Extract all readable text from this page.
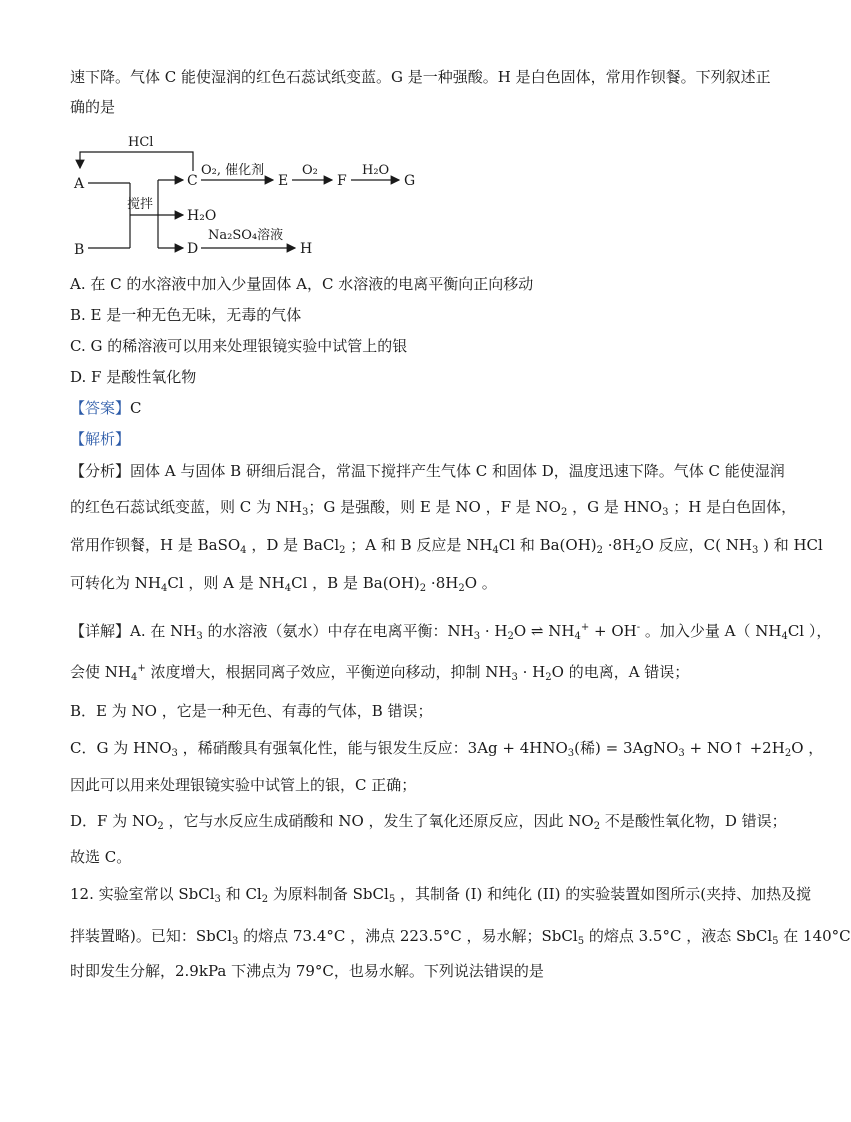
速下降。气体 C 能使湿润的红色石蕊试纸变蓝。G 是一种强酸。H 是白色固体，常用作钡餐。下列叙述正
确的是
HCl
A
B
搅拌
C
O₂, 催化剂
E
O₂
F
H₂O
G
H₂O
D
Na₂SO₄溶液
H
A. 在 C 的水溶液中加入少量固体 A，C 水溶液的电离平衡向正向移动
B. E 是一种无色无味，无毒的气体
C. G 的稀溶液可以用来处理银镜实验中试管上的银
D. F 是酸性氧化物
【答案】C
【解析】
【分析】固体 A 与固体 B 研细后混合，常温下搅拌产生气体 C 和固体 D，温度迅速下降。气体 C 能使湿润
的红色石蕊试纸变蓝，则 C 为 $NH_3$；G 是强酸，则 E 是 NO ，F 是 $NO_2$ ，G 是 $HNO_3$ ；H 是白色固体，
常用作钡餐，H 是 BaSO$_4$ ，D 是 BaCl$_2$ ；A 和 B 反应是 $NH_4Cl$ 和 $Ba(OH)_2 \cdot 8H_2O$ 反应，C( $NH_3$ ) 和 HCl
可转化为 $NH_4Cl$ ，则 A 是 $NH_4Cl$ ，B 是 $Ba(OH)_2 \cdot 8H_2O$ 。
【详解】A. 在 $NH_3$ 的水溶液（氨水）中存在电离平衡：$NH_3 \cdot H_2O$ ⇌ $NH_4^+ + OH^-$ 。加入少量 A（ $NH_4Cl$ ），
会使 $NH_4^+$ 浓度增大，根据同离子效应，平衡逆向移动，抑制 $NH_3 \cdot H_2O$ 的电离，A 错误；
B．E 为 NO ，它是一种无色、有毒的气体，B 错误；
C．G 为 $HNO_3$ ，稀硝酸具有强氧化性，能与银发生反应：$3Ag + 4HNO_3$(稀) = 3AgNO$_3$ + NO↑ $+2H_2O$ ，
因此可以用来处理银镜实验中试管上的银，C 正确；
D．F 为 $NO_2$ ，它与水反应生成硝酸和 NO ，发生了氧化还原反应，因此 $NO_2$ 不是酸性氧化物，D 错误；
故选 C。
12. 实验室常以 SbCl$_3$ 和 $Cl_2$ 为原料制备 SbCl$_5$ ，其制备 (I) 和纯化 (II) 的实验装置如图所示(夹持、加热及搅
拌装置略)。已知：SbCl$_3$ 的熔点 73.4°C ，沸点 223.5°C ，易水解；SbCl$_5$ 的熔点 3.5°C ，液态 SbCl$_5$ 在 140°C
时即发生分解，2.9kPa 下沸点为 79°C，也易水解。下列说法错误的是
